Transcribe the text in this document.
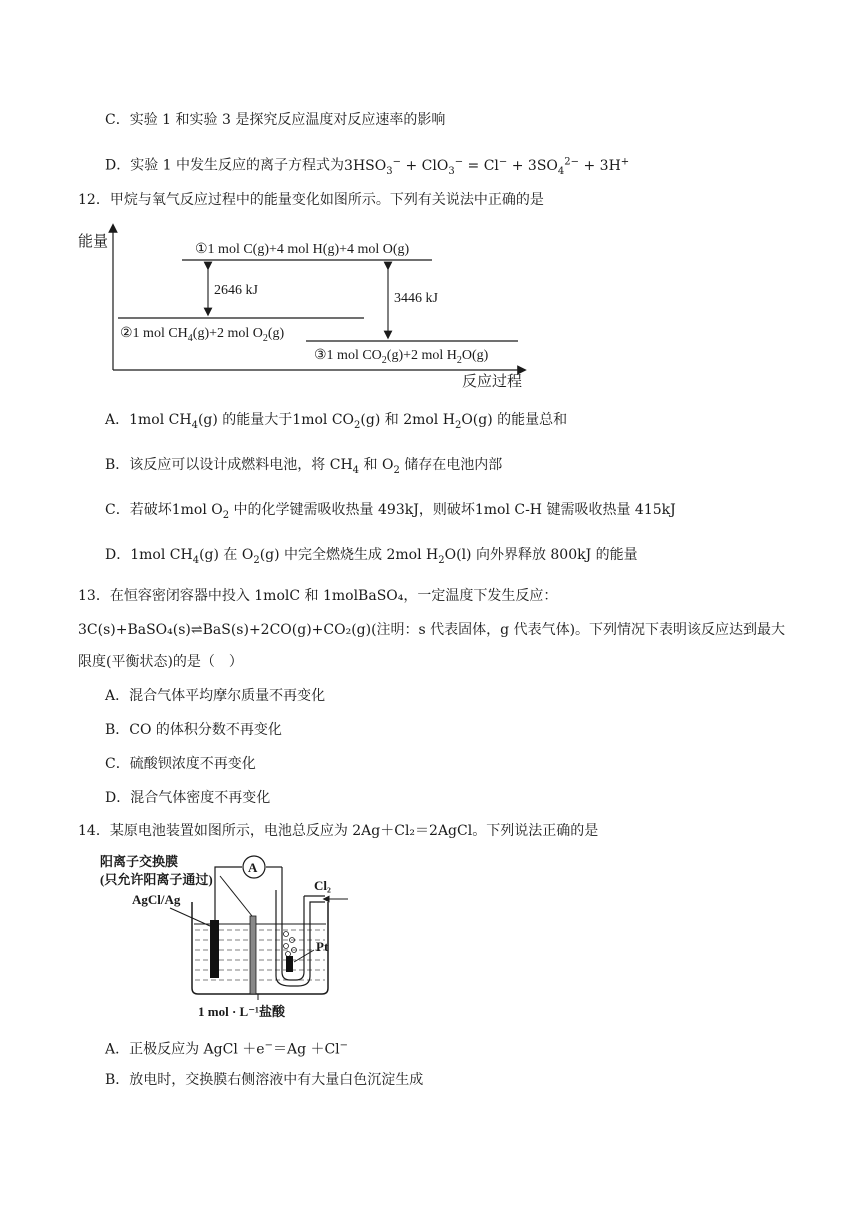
C．实验 1 和实验 3 是探究反应温度对反应速率的影响
D．实验 1 中发生反应的离子方程式为$3HSO_3^- + ClO_3^- = Cl^- + 3SO_4^{2-} + 3H^+$
12．甲烷与氧气反应过程中的能量变化如图所示。下列有关说法中正确的是
能量
反应过程
①1 mol C(g)+4 mol H(g)+4 mol O(g)
②1 mol $CH_4(g)+2$ mol $O_2(g)$
③1 mol $CO_2(g)+2$ mol $H_2O(g)$
2646 kJ
3446 kJ
A．1mol $CH_4(g)$ 的能量大于1mol $CO_2(g)$ 和 2mol $H_2O(g)$ 的能量总和
B．该反应可以设计成燃料电池，将 $CH_4$ 和 $O_2$ 储存在电池内部
C．若破坏1mol $O_2$ 中的化学键需吸收热量 493kJ，则破坏1mol C-H 键需吸收热量 415kJ
D．1mol $CH_4(g)$ 在 $O_2(g)$ 中完全燃烧生成 2mol $H_2O(l)$ 向外界释放 800kJ 的能量
13．在恒容密闭容器中投入 1molC 和 1molBaSO₄，一定温度下发生反应：
3C(s)+BaSO₄(s)⇌BaS(s)+2CO(g)+CO₂(g)(注明：s 代表固体，g 代表气体)。下列情况下表明该反应达到最大
限度(平衡状态)的是（　）
A．混合气体平均摩尔质量不再变化
B．CO 的体积分数不再变化
C．硫酸钡浓度不再变化
D．混合气体密度不再变化
14．某原电池装置如图所示，电池总反应为 2Ag＋Cl₂＝2AgCl。下列说法正确的是
阳离子交换膜
(只允许阳离子通过)
AgCl/Ag
A
Cl₂
Pt
1 mol · L⁻¹盐酸
A．正极反应为 AgCl ＋e−＝Ag ＋Cl−
B．放电时，交换膜右侧溶液中有大量白色沉淀生成
